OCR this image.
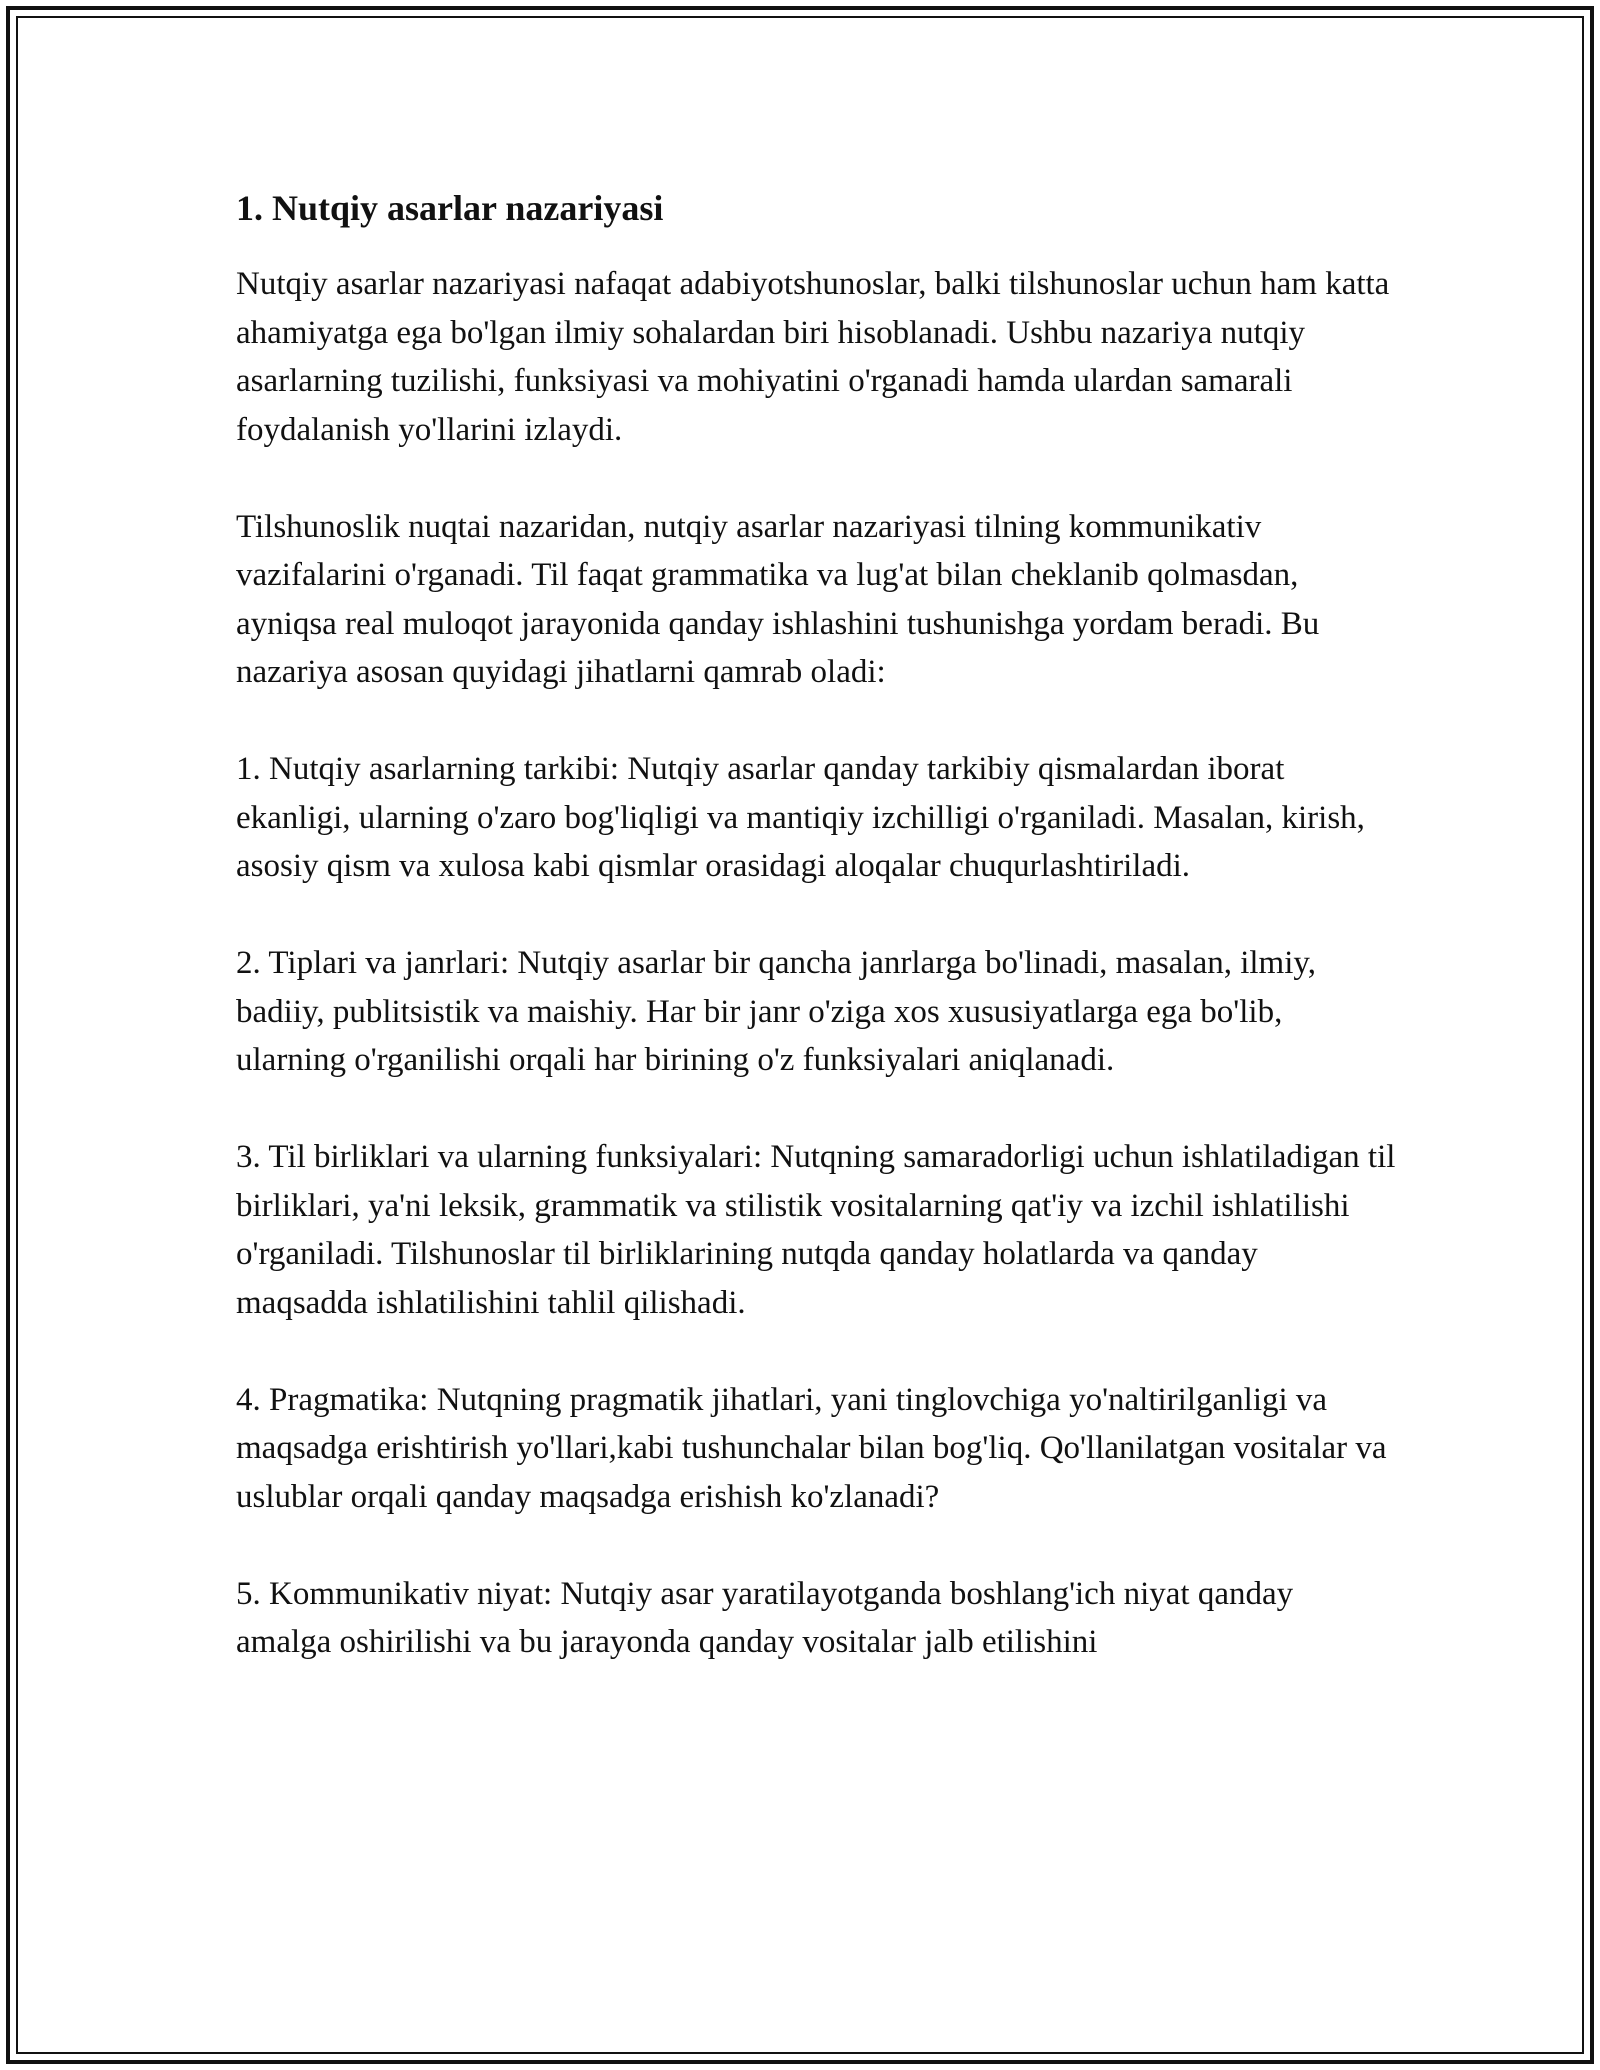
1. Nutqiy asarlar nazariyasi

Nutqiy asarlar nazariyasi nafaqat adabiyotshunoslar, balki tilshunoslar uchun ham katta ahamiyatga ega bo'lgan ilmiy sohalardan biri hisoblanadi. Ushbu nazariya nutqiy asarlarning tuzilishi, funksiyasi va mohiyatini o'rganadi hamda ulardan samarali foydalanish yo'llarini izlaydi.

Tilshunoslik nuqtai nazaridan, nutqiy asarlar nazariyasi tilning kommunikativ vazifalarini o'rganadi. Til faqat grammatika va lug'at bilan cheklanib qolmasdan, ayniqsa real muloqot jarayonida qanday ishlashini tushunishga yordam beradi. Bu nazariya asosan quyidagi jihatlarni qamrab oladi:

1. Nutqiy asarlarning tarkibi: Nutqiy asarlar qanday tarkibiy qismalardan iborat ekanligi, ularning o'zaro bog'liqligi va mantiqiy izchilligi o'rganiladi. Masalan, kirish, asosiy qism va xulosa kabi qismlar orasidagi aloqalar chuqurlashtiriladi.

2. Tiplari va janrlari: Nutqiy asarlar bir qancha janrlarga bo'linadi, masalan, ilmiy, badiiy, publitsistik va maishiy. Har bir janr o'ziga xos xususiyatlarga ega bo'lib, ularning o'rganilishi orqali har birining o'z funksiyalari aniqlanadi.

3. Til birliklari va ularning funksiyalari: Nutqning samaradorligi uchun ishlatiladigan til birliklari, ya'ni leksik, grammatik va stilistik vositalarning qat'iy va izchil ishlatilishi o'rganiladi. Tilshunoslar til birliklarining nutqda qanday holatlarda va qanday maqsadda ishlatilishini tahlil qilishadi.

4. Pragmatika: Nutqning pragmatik jihatlari, yani tinglovchiga yo'naltirilganligi va maqsadga erishtirish yo'llari,kabi tushunchalar bilan bog'liq. Qo'llanilatgan vositalar va uslublar orqali qanday maqsadga erishish ko'zlanadi?

5. Kommunikativ niyat: Nutqiy asar yaratilayotganda boshlang'ich niyat qanday amalga oshirilishi va bu jarayonda qanday vositalar jalb etilishini
